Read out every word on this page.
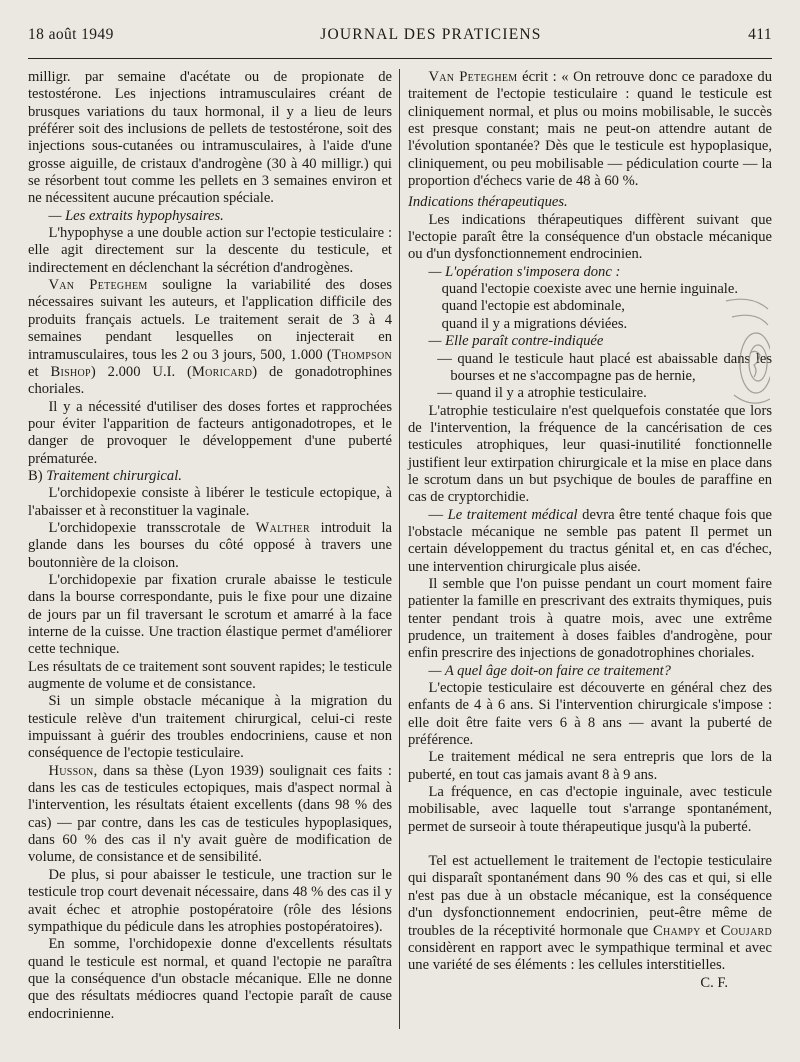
18 août 1949	JOURNAL DES PRATICIENS	411

milligr. par semaine d'acétate ou de propionate de testostérone. Les injections intramusculaires créant de brusques variations du taux hormonal, il y a lieu de leurs préférer soit des inclusions de pellets de testostérone, soit des injections sous-cutanées ou intramusculaires, à l'aide d'une grosse aiguille, de cristaux d'androgène (30 à 40 milligr.) qui se résorbent tout comme les pellets en 3 semaines environ et ne nécessitent aucune précaution spéciale.

— Les extraits hypophysaires.

L'hypophyse a une double action sur l'ectopie testiculaire : elle agit directement sur la descente du testicule, et indirectement en déclenchant la sécrétion d'androgènes.

Van Peteghem souligne la variabilité des doses nécessaires suivant les auteurs, et l'application difficile des produits français actuels. Le traitement serait de 3 à 4 semaines pendant lesquelles on injecterait en intramusculaires, tous les 2 ou 3 jours, 500, 1.000 (Thompson et Bishop) 2.000 U.I. (Moricard) de gonadotrophines choriales.

Il y a nécessité d'utiliser des doses fortes et rapprochées pour éviter l'apparition de facteurs antigonadotropes, et le danger de provoquer le développement d'une puberté prématurée.

B) Traitement chirurgical.

L'orchidopexie consiste à libérer le testicule ectopique, à l'abaisser et à reconstituer la vaginale.

L'orchidopexie transscrotale de Walther introduit la glande dans les bourses du côté opposé à travers une boutonnière de la cloison.

L'orchidopexie par fixation crurale abaisse le testicule dans la bourse correspondante, puis le fixe pour une dizaine de jours par un fil traversant le scrotum et amarré à la face interne de la cuisse. Une traction élastique permet d'améliorer cette technique.

Les résultats de ce traitement sont souvent rapides; le testicule augmente de volume et de consistance.

Si un simple obstacle mécanique à la migration du testicule relève d'un traitement chirurgical, celui-ci reste impuissant à guérir des troubles endocriniens, cause et non conséquence de l'ectopie testiculaire.

Husson, dans sa thèse (Lyon 1939) soulignait ces faits : dans les cas de testicules ectopiques, mais d'aspect normal à l'intervention, les résultats étaient excellents (dans 98 % des cas) — par contre, dans les cas de testicules hypoplasiques, dans 60 % des cas il n'y avait guère de modification de volume, de consistance et de sensibilité.

De plus, si pour abaisser le testicule, une traction sur le testicule trop court devenait nécessaire, dans 48 % des cas il y avait échec et atrophie postopératoire (rôle des lésions sympathique du pédicule dans les atrophies postopératoires).

En somme, l'orchidopexie donne d'excellents résultats quand le testicule est normal, et quand l'ectopie ne paraîtra que la conséquence d'un obstacle mécanique. Elle ne donne que des résultats médiocres quand l'ectopie paraît de cause endocrinienne.

Van Peteghem écrit : « On retrouve donc ce paradoxe du traitement de l'ectopie testiculaire : quand le testicule est cliniquement normal, et plus ou moins mobilisable, le succès est presque constant; mais ne peut-on attendre autant de l'évolution spontanée? Dès que le testicule est hypoplasique, cliniquement, ou peu mobilisable — pédiculation courte — la proportion d'échecs varie de 48 à 60 %.

Indications thérapeutiques.

Les indications thérapeutiques diffèrent suivant que l'ectopie paraît être la conséquence d'un obstacle mécanique ou d'un dysfonctionnement endrocinien.

— L'opération s'imposera donc :

quand l'ectopie coexiste avec une hernie inguinale.

quand l'ectopie est abdominale,

quand il y a migrations déviées.

— Elle paraît contre-indiquée

— quand le testicule haut placé est abaissable dans les bourses et ne s'accompagne pas de hernie,

— quand il y a atrophie testiculaire.

L'atrophie testiculaire n'est quelquefois constatée que lors de l'intervention, la fréquence de la cancérisation de ces testicules atrophiques, leur quasi-inutilité fonctionnelle justifient leur extirpation chirurgicale et la mise en place dans le scrotum dans un but psychique de boules de paraffine en cas de cryptorchidie.

— Le traitement médical devra être tenté chaque fois que l'obstacle mécanique ne semble pas patent Il permet un certain développement du tractus génital et, en cas d'échec, une intervention chirurgicale plus aisée.

Il semble que l'on puisse pendant un court moment faire patienter la famille en prescrivant des extraits thymiques, puis tenter pendant trois à quatre mois, avec une extrême prudence, un traitement à doses faibles d'androgène, pour enfin prescrire des injections de gonadotrophines choriales.

— A quel âge doit-on faire ce traitement?

L'ectopie testiculaire est découverte en général chez des enfants de 4 à 6 ans. Si l'intervention chirurgicale s'impose : elle doit être faite vers 6 à 8 ans — avant la puberté de préférence.

Le traitement médical ne sera entrepris que lors de la puberté, en tout cas jamais avant 8 à 9 ans.

La fréquence, en cas d'ectopie inguinale, avec testicule mobilisable, avec laquelle tout s'arrange spontanément, permet de surseoir à toute thérapeutique jusqu'à la puberté.

Tel est actuellement le traitement de l'ectopie testiculaire qui disparaît spontanément dans 90 % des cas et qui, si elle n'est pas due à un obstacle mécanique, est la conséquence d'un dysfonctionnement endocrinien, peut-être même de troubles de la réceptivité hormonale que Champy et Coujard considèrent en rapport avec le sympathique terminal et avec une variété de ses éléments : les cellules interstitielles.

C. F.
